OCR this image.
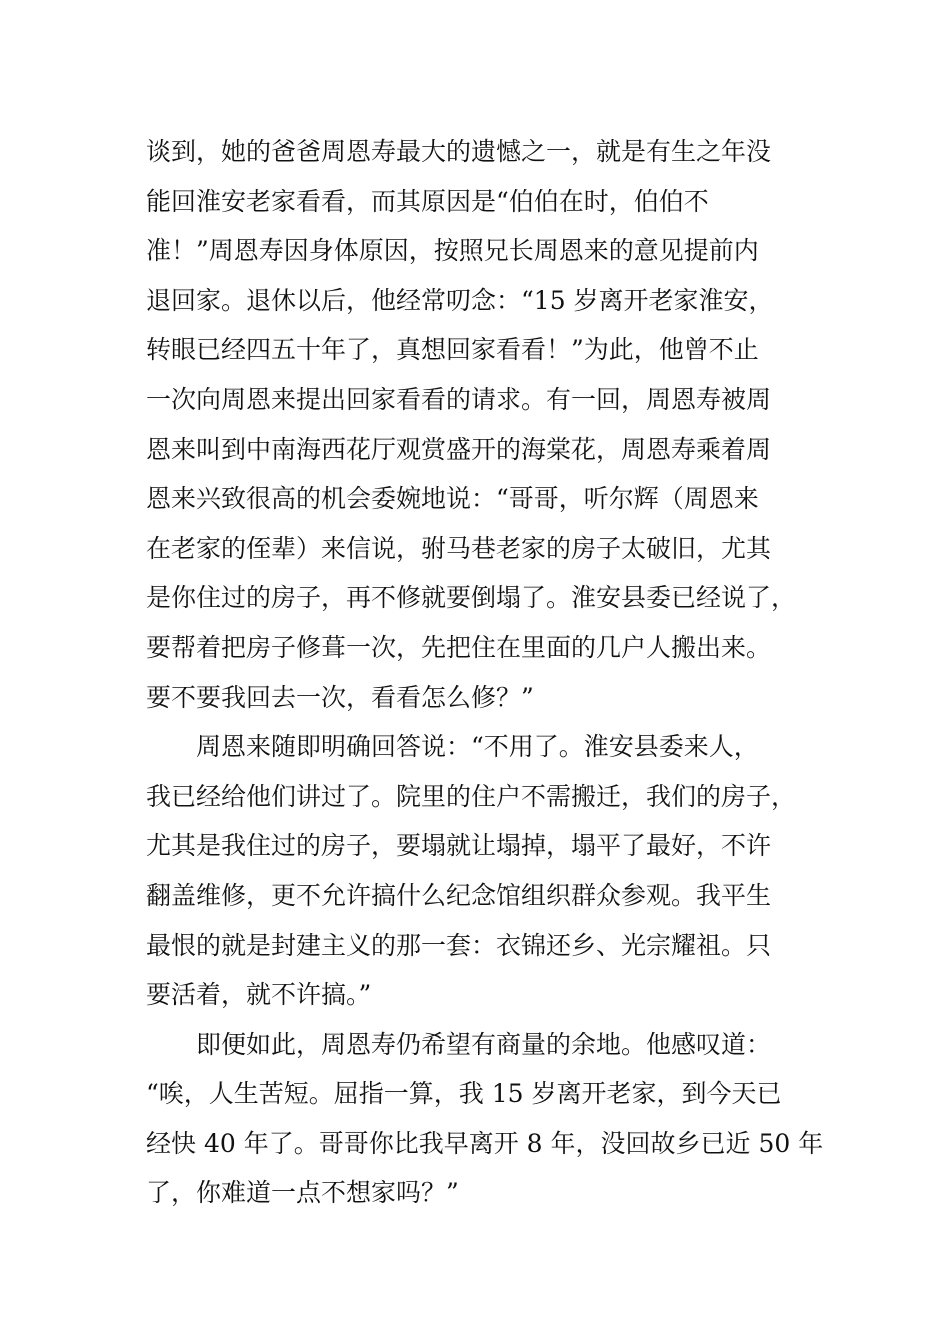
谈到，她的爸爸周恩寿最大的遗憾之一，就是有生之年没
能回淮安老家看看，而其原因是“伯伯在时，伯伯不
准！”周恩寿因身体原因，按照兄长周恩来的意见提前内
退回家。退休以后，他经常叨念：“15 岁离开老家淮安，
转眼已经四五十年了，真想回家看看！”为此，他曾不止
一次向周恩来提出回家看看的请求。有一回，周恩寿被周
恩来叫到中南海西花厅观赏盛开的海棠花，周恩寿乘着周
恩来兴致很高的机会委婉地说：“哥哥，听尔辉（周恩来
在老家的侄辈）来信说，驸马巷老家的房子太破旧，尤其
是你住过的房子，再不修就要倒塌了。淮安县委已经说了，
要帮着把房子修葺一次，先把住在里面的几户人搬出来。
要不要我回去一次，看看怎么修？”
周恩来随即明确回答说：“不用了。淮安县委来人，
我已经给他们讲过了。院里的住户不需搬迁，我们的房子，
尤其是我住过的房子，要塌就让塌掉，塌平了最好，不许
翻盖维修，更不允许搞什么纪念馆组织群众参观。我平生
最恨的就是封建主义的那一套：衣锦还乡、光宗耀祖。只
要活着，就不许搞。”
即便如此，周恩寿仍希望有商量的余地。他感叹道：
“唉，人生苦短。屈指一算，我 15 岁离开老家，到今天已
经快 40 年了。哥哥你比我早离开 8 年，没回故乡已近 50 年
了，你难道一点不想家吗？”
